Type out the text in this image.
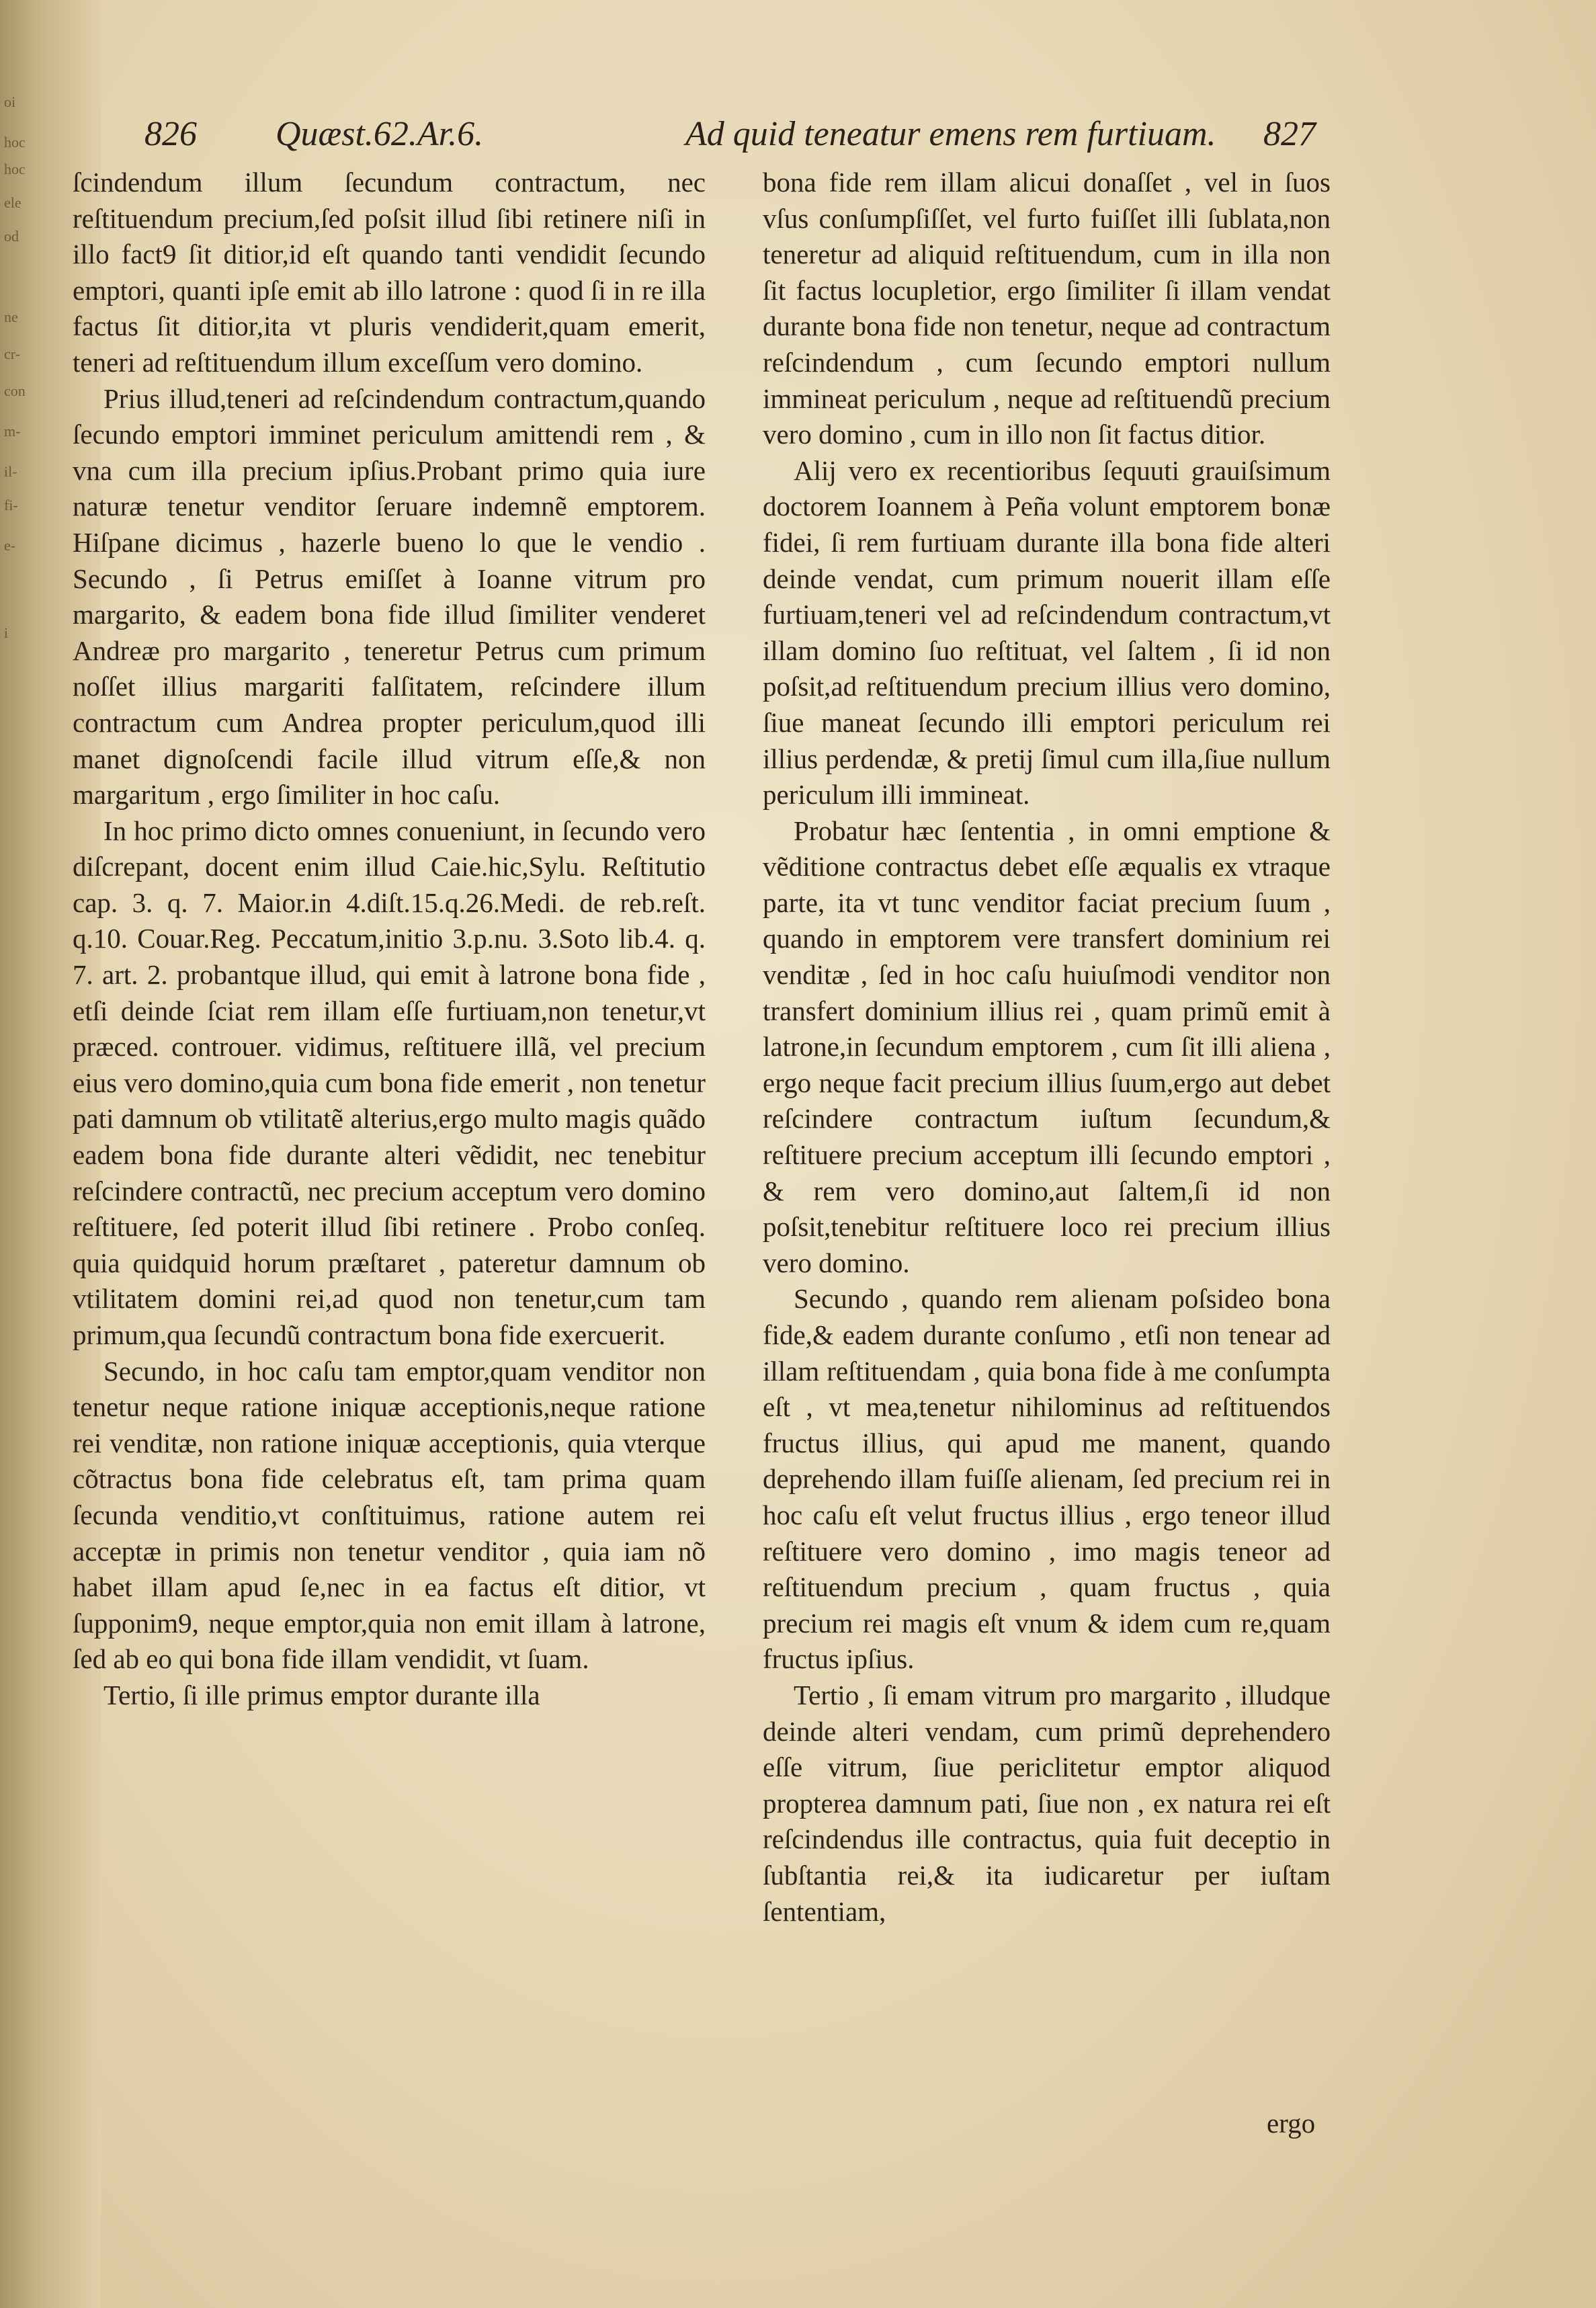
oi
hoc
hoc
ele
od
ne
cr-
con
m-
il-
fi-
e-
i
826 Quæst.62.Ar.6.	Ad quid teneatur emens rem furtiuam. 827

ſcindendum illum ſecundum contractum, nec reſtituendum precium,ſed poſsit illud ſibi retinere niſi in illo fact9 ſit ditior,id eſt quando tanti vendidit ſecundo emptori, quanti ipſe emit ab illo latrone : quod ſi in re illa factus ſit ditior,ita vt pluris vendiderit,quam emerit, teneri ad reſtituendum illum exceſſum vero domino.

Prius illud,teneri ad reſcindendum contractum,quando ſecundo emptori imminet periculum amittendi rem , & vna cum illa precium ipſius.Probant primo quia iure naturæ tenetur venditor ſeruare indemnẽ emptorem. Hiſpane dicimus , hazerle bueno lo que le vendio . Secundo , ſi Petrus emiſſet à Ioanne vitrum pro margarito, & eadem bona fide illud ſimiliter venderet Andreæ pro margarito , teneretur Petrus cum primum noſſet illius margariti falſitatem, reſcindere illum contractum cum Andrea propter periculum,quod illi manet dignoſcendi facile illud vitrum eſſe,& non margaritum , ergo ſimiliter in hoc caſu.

In hoc primo dicto omnes conueniunt, in ſecundo vero diſcrepant, docent enim illud Caie.hic,Sylu. Reſtitutio cap. 3. q. 7. Maior.in 4.diſt.15.q.26.Medi. de reb.reſt. q.10. Couar.Reg. Peccatum,initio 3.p.nu. 3.Soto lib.4. q. 7. art. 2. probantque illud, qui emit à latrone bona fide , etſi deinde ſciat rem illam eſſe furtiuam,non tenetur,vt præced. controuer. vidimus, reſtituere illã, vel precium eius vero domino,quia cum bona fide emerit , non tenetur pati damnum ob vtilitatẽ alterius,ergo multo magis quãdo eadem bona fide durante alteri vẽdidit, nec tenebitur reſcindere contractũ, nec precium acceptum vero domino reſtituere, ſed poterit illud ſibi retinere . Probo conſeq. quia quidquid horum præſtaret , pateretur damnum ob vtilitatem domini rei,ad quod non tenetur,cum tam primum,qua ſecundũ contractum bona fide exercuerit.

Secundo, in hoc caſu tam emptor,quam venditor non tenetur neque ratione iniquæ acceptionis,neque ratione rei venditæ, non ratione iniquæ acceptionis, quia vterque cõtractus bona fide celebratus eſt, tam prima quam ſecunda venditio,vt conſtituimus, ratione autem rei acceptæ in primis non tenetur venditor , quia iam nõ habet illam apud ſe,nec in ea factus eſt ditior, vt ſupponim9, neque emptor,quia non emit illam à latrone, ſed ab eo qui bona fide illam vendidit, vt ſuam.

Tertio, ſi ille primus emptor durante illa

bona fide rem illam alicui donaſſet , vel in ſuos vſus conſumpſiſſet, vel furto fuiſſet illi ſublata,non teneretur ad aliquid reſtituendum, cum in illa non ſit factus locupletior, ergo ſimiliter ſi illam vendat durante bona fide non tenetur, neque ad contractum reſcindendum , cum ſecundo emptori nullum immineat periculum , neque ad reſtituendũ precium vero domino , cum in illo non ſit factus ditior.

Alij vero ex recentioribus ſequuti grauiſsimum doctorem Ioannem à Peña volunt emptorem bonæ fidei, ſi rem furtiuam durante illa bona fide alteri deinde vendat, cum primum nouerit illam eſſe furtiuam,teneri vel ad reſcindendum contractum,vt illam domino ſuo reſtituat, vel ſaltem , ſi id non poſsit,ad reſtituendum precium illius vero domino, ſiue maneat ſecundo illi emptori periculum rei illius perdendæ, & pretij ſimul cum illa,ſiue nullum periculum illi immineat.

Probatur hæc ſententia , in omni emptione & vẽditione contractus debet eſſe æqualis ex vtraque parte, ita vt tunc venditor faciat precium ſuum , quando in emptorem vere transfert dominium rei venditæ , ſed in hoc caſu huiuſmodi venditor non transfert dominium illius rei , quam primũ emit à latrone,in ſecundum emptorem , cum ſit illi aliena , ergo neque facit precium illius ſuum,ergo aut debet reſcindere contractum iuſtum ſecundum,& reſtituere precium acceptum illi ſecundo emptori , & rem vero domino,aut ſaltem,ſi id non poſsit,tenebitur reſtituere loco rei precium illius vero domino.

Secundo , quando rem alienam poſsideo bona fide,& eadem durante conſumo , etſi non tenear ad illam reſtituendam , quia bona fide à me conſumpta eſt , vt mea,tenetur nihilominus ad reſtituendos fructus illius, qui apud me manent, quando deprehendo illam fuiſſe alienam, ſed precium rei in hoc caſu eſt velut fructus illius , ergo teneor illud reſtituere vero domino , imo magis teneor ad reſtituendum precium , quam fructus , quia precium rei magis eſt vnum & idem cum re,quam fructus ipſius.

Tertio , ſi emam vitrum pro margarito , illudque deinde alteri vendam, cum primũ deprehendero eſſe vitrum, ſiue periclitetur emptor aliquod propterea damnum pati, ſiue non , ex natura rei eſt reſcindendus ille contractus, quia fuit deceptio in ſubſtantia rei,& ita iudicaretur per iuſtam ſententiam,

ergo
